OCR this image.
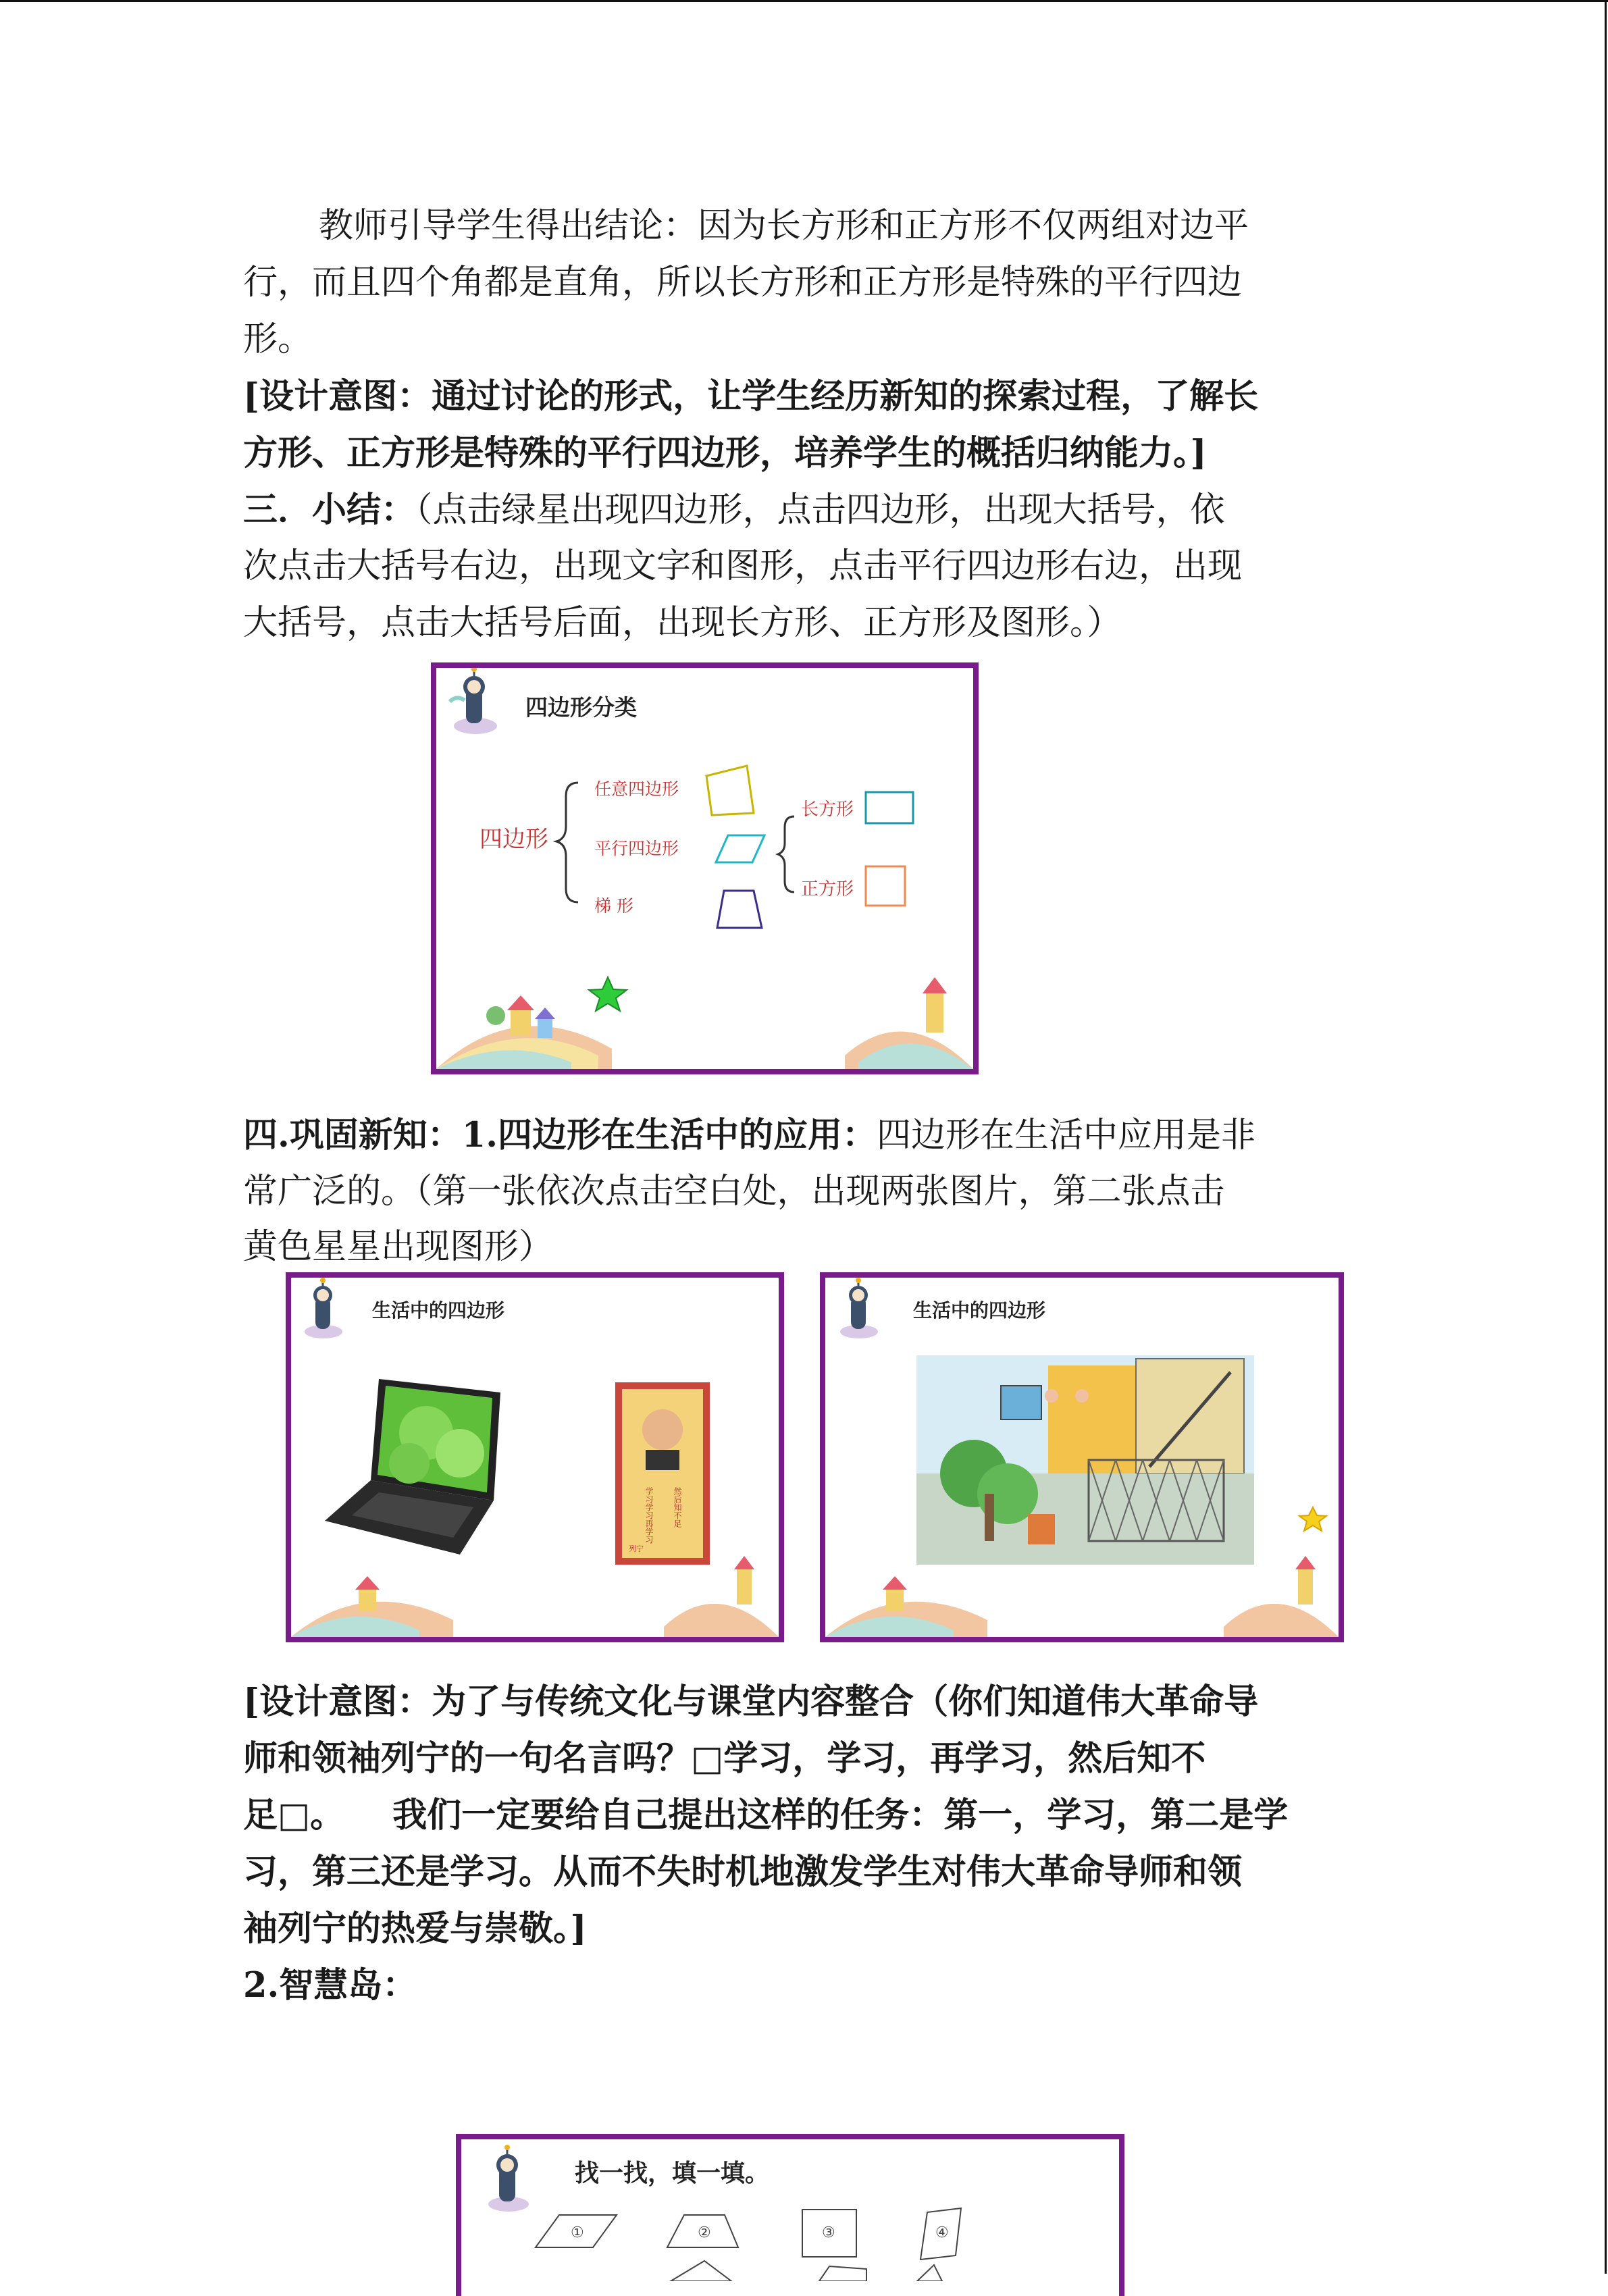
教师引导学生得出结论：因为长方形和正方形不仅两组对边平

行，而且四个角都是直角，所以长方形和正方形是特殊的平行四边

形。

[设计意图：通过讨论的形式，让学生经历新知的探索过程，了解长

方形、正方形是特殊的平行四边形，培养学生的概括归纳能力。]

三．小结：（点击绿星出现四边形，点击四边形，出现大括号，依

次点击大括号右边，出现文字和图形，点击平行四边形右边，出现

大括号，点击大括号后面，出现长方形、正方形及图形。）

四边形分类
四边形
任意四边形
平行四边形
梯 形
长方形
正方形

四.巩固新知：1.四边形在生活中的应用：四边形在生活中应用是非

常广泛的。（第一张依次点击空白处，出现两张图片，第二张点击

黄色星星出现图形）

生活中的四边形
学习学习再学习 然后知不足
列宁
生活中的四边形

[设计意图：为了与传统文化与课堂内容整合（你们知道伟大革命导

师和领袖列宁的一句名言吗？□学习，学习，再学习，然后知不

足□。    我们一定要给自己提出这样的任务：第一，学习，第二是学

习，第三还是学习。从而不失时机地激发学生对伟大革命导师和领

袖列宁的热爱与崇敬。]

2.智慧岛：

找一找，填一填。
①	②	③	④
